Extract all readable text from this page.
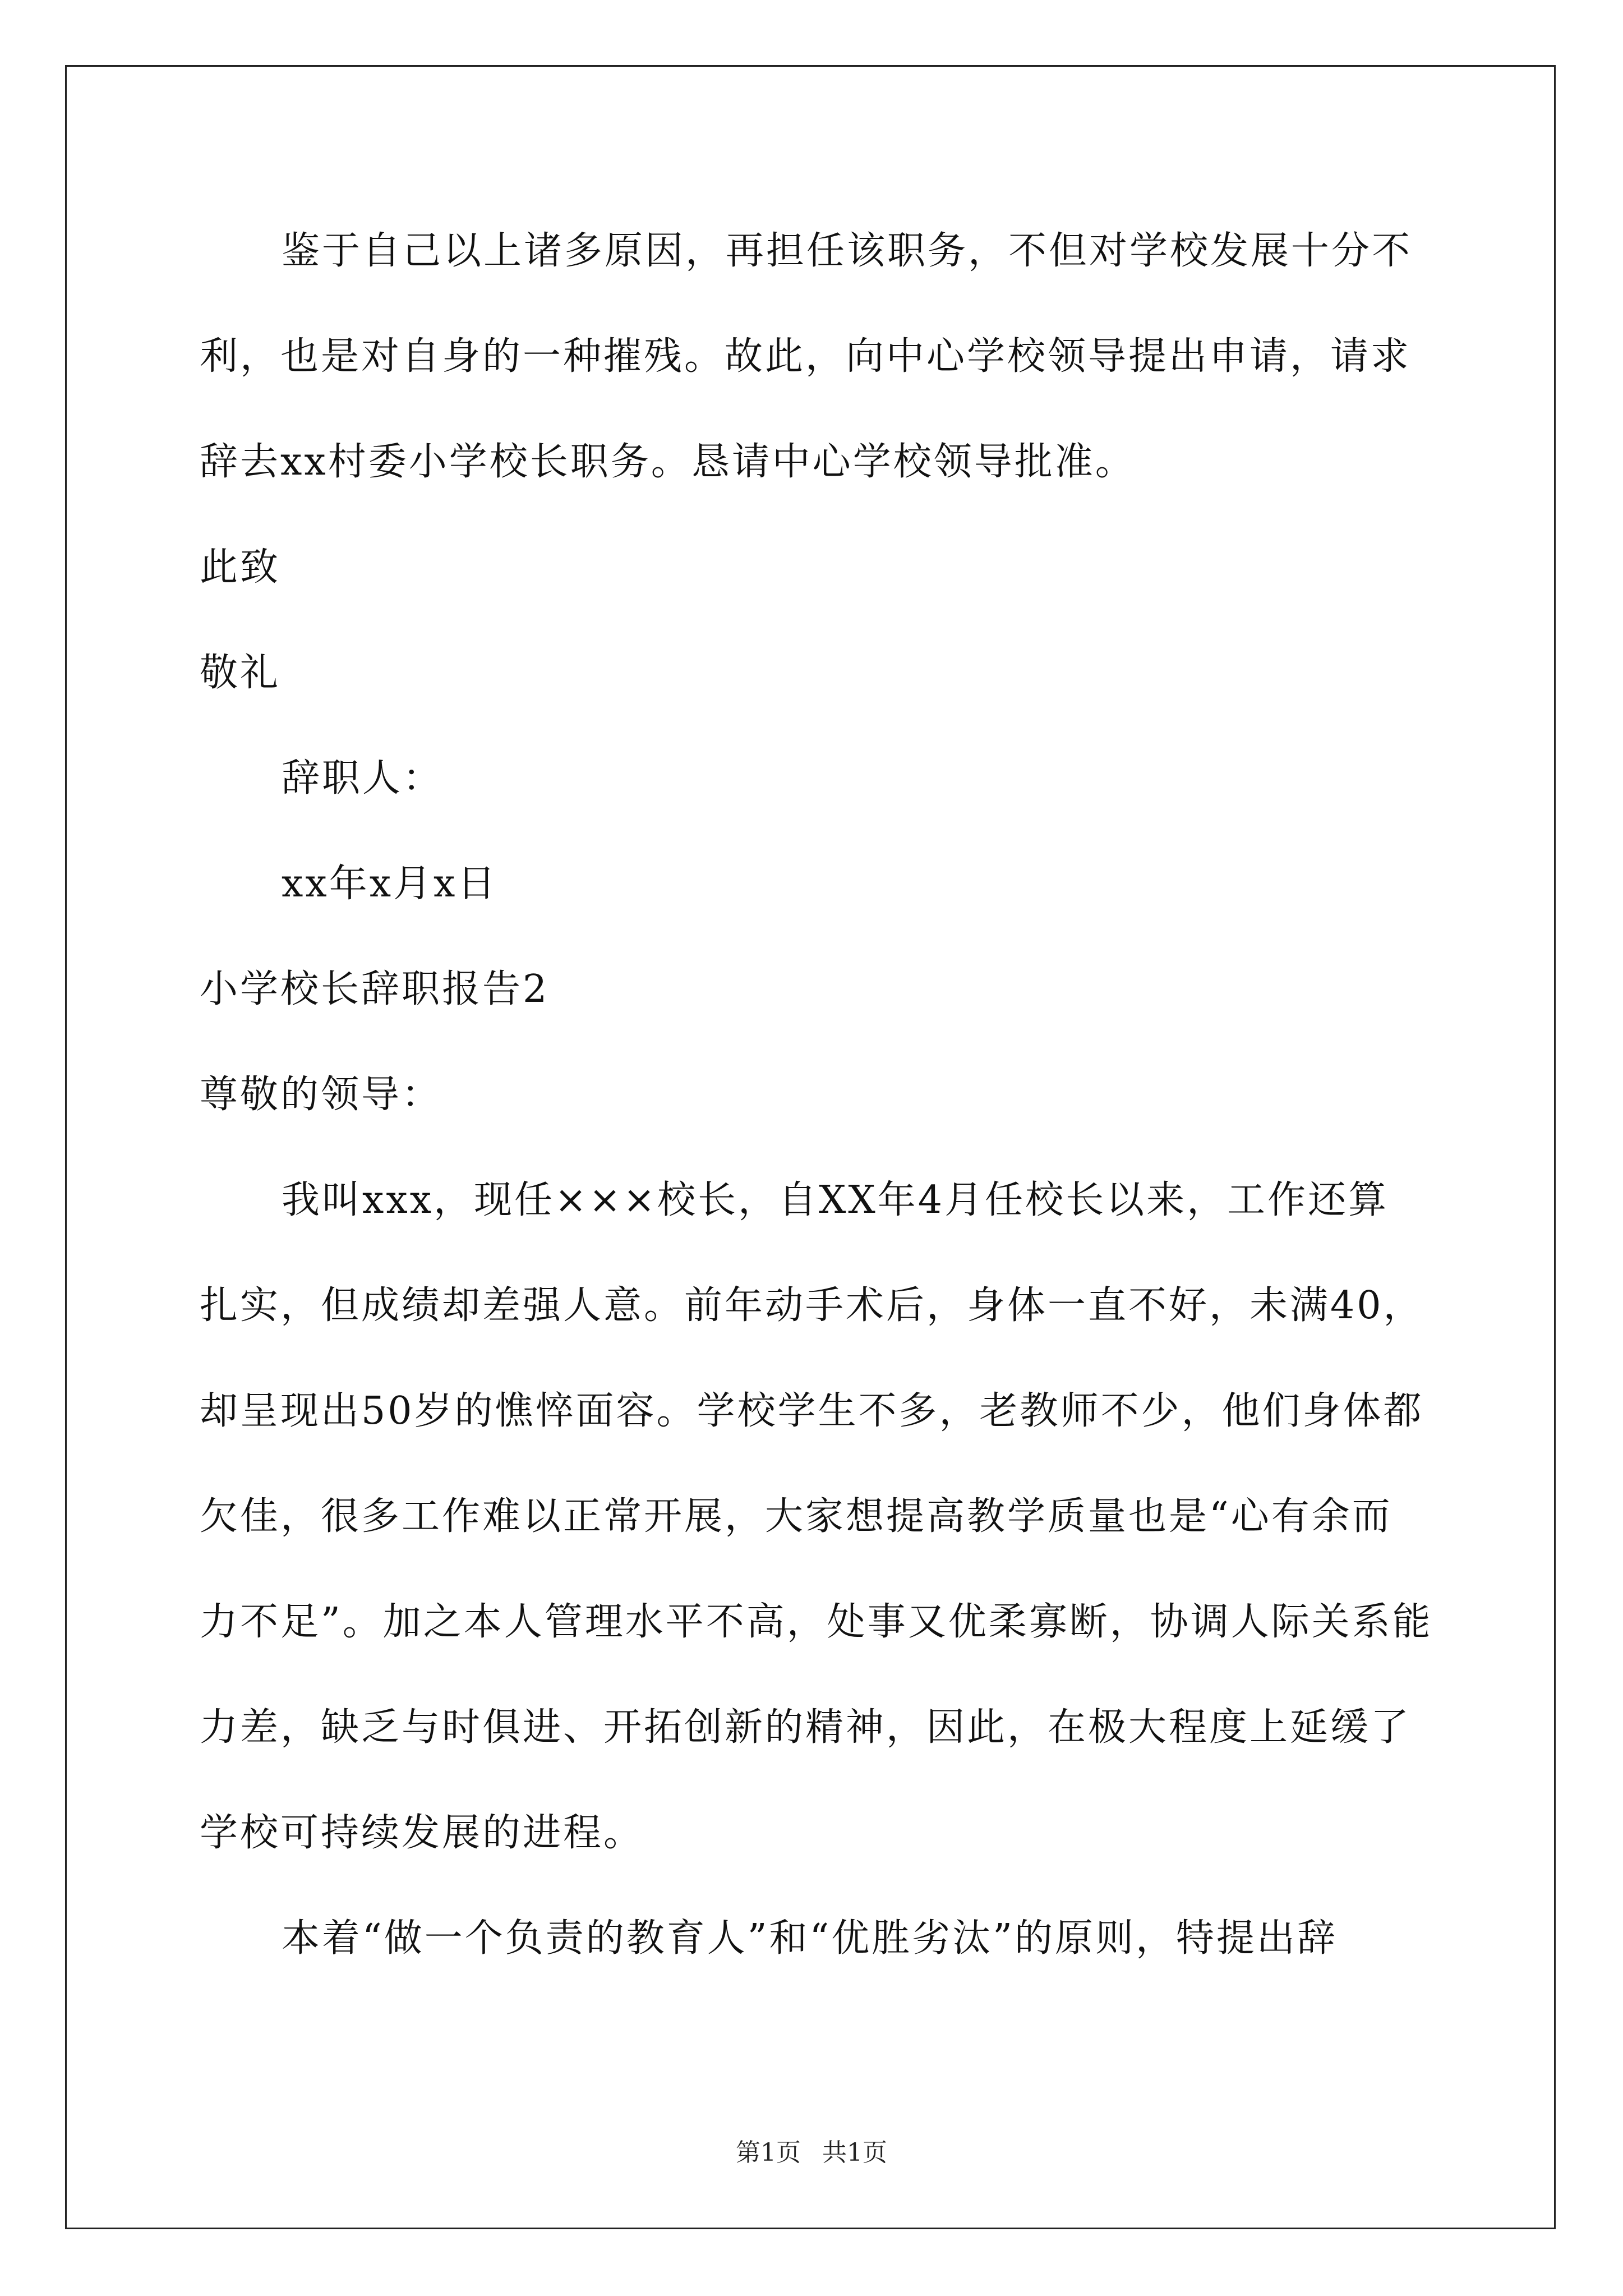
鉴于自己以上诸多原因，再担任该职务，不但对学校发展十分不
利，也是对自身的一种摧残。故此，向中心学校领导提出申请，请求
辞去xx村委小学校长职务。恳请中心学校领导批准。
此致
敬礼
辞职人：
xx年x月x日
小学校长辞职报告2
尊敬的领导：
我叫xxx，现任×××校长，自XX年4月任校长以来，工作还算
扎实，但成绩却差强人意。前年动手术后，身体一直不好，未满40，
却呈现出50岁的憔悴面容。学校学生不多，老教师不少，他们身体都
欠佳，很多工作难以正常开展，大家想提高教学质量也是“心有余而
力不足”。加之本人管理水平不高，处事又优柔寡断，协调人际关系能
力差，缺乏与时俱进、开拓创新的精神，因此，在极大程度上延缓了
学校可持续发展的进程。
本着“做一个负责的教育人”和“优胜劣汰”的原则，特提出辞
第1页 共1页
